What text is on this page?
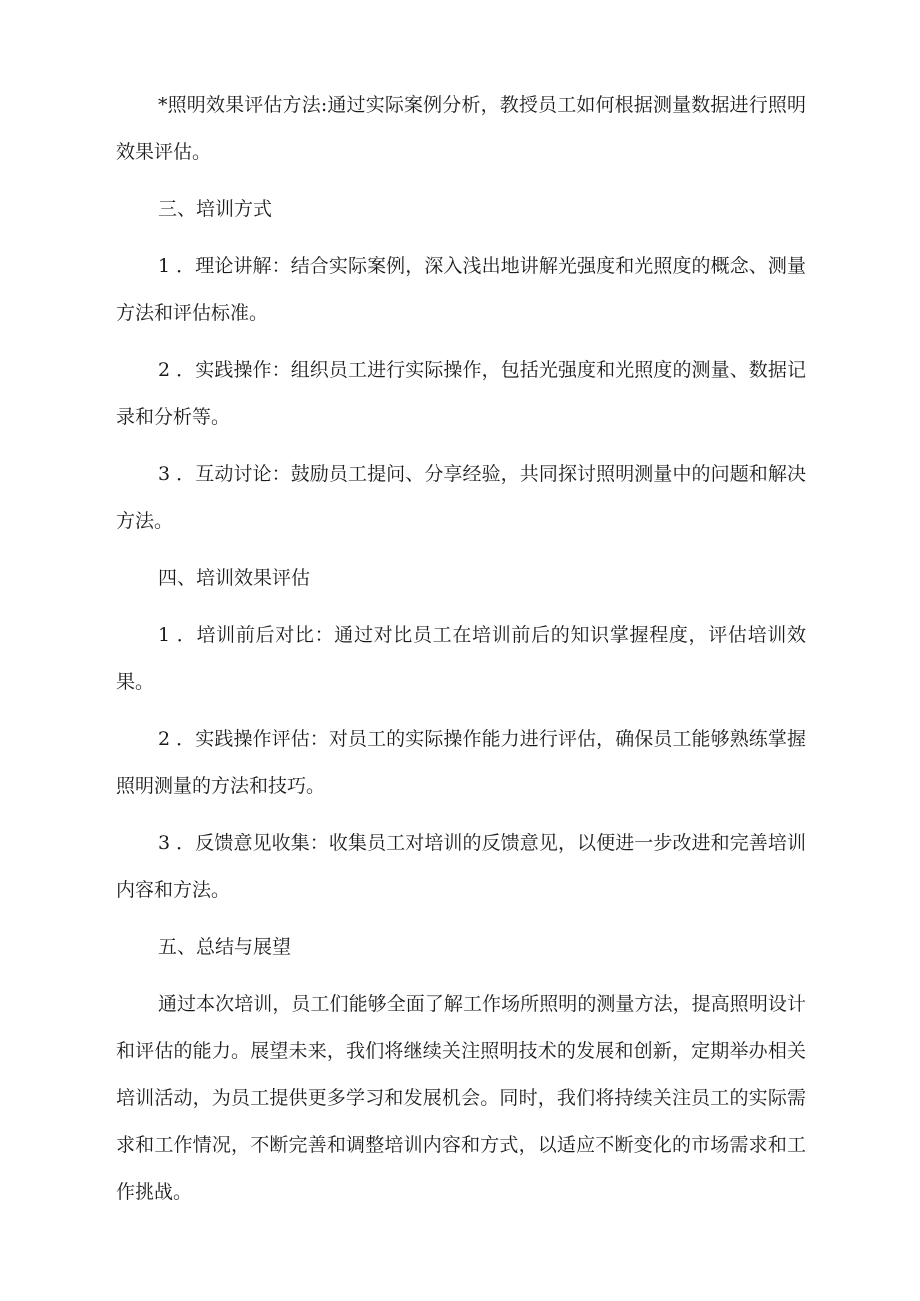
*照明效果评估方法:通过实际案例分析，教授员工如何根据测量数据进行照明效果评估。

三、培训方式

1．理论讲解：结合实际案例，深入浅出地讲解光强度和光照度的概念、测量方法和评估标准。

2．实践操作：组织员工进行实际操作，包括光强度和光照度的测量、数据记录和分析等。

3．互动讨论：鼓励员工提问、分享经验，共同探讨照明测量中的问题和解决方法。

四、培训效果评估

1．培训前后对比：通过对比员工在培训前后的知识掌握程度，评估培训效果。

2．实践操作评估：对员工的实际操作能力进行评估，确保员工能够熟练掌握照明测量的方法和技巧。

3．反馈意见收集：收集员工对培训的反馈意见，以便进一步改进和完善培训内容和方法。

五、总结与展望

通过本次培训，员工们能够全面了解工作场所照明的测量方法，提高照明设计和评估的能力。展望未来，我们将继续关注照明技术的发展和创新，定期举办相关培训活动，为员工提供更多学习和发展机会。同时，我们将持续关注员工的实际需求和工作情况，不断完善和调整培训内容和方式，以适应不断变化的市场需求和工作挑战。
